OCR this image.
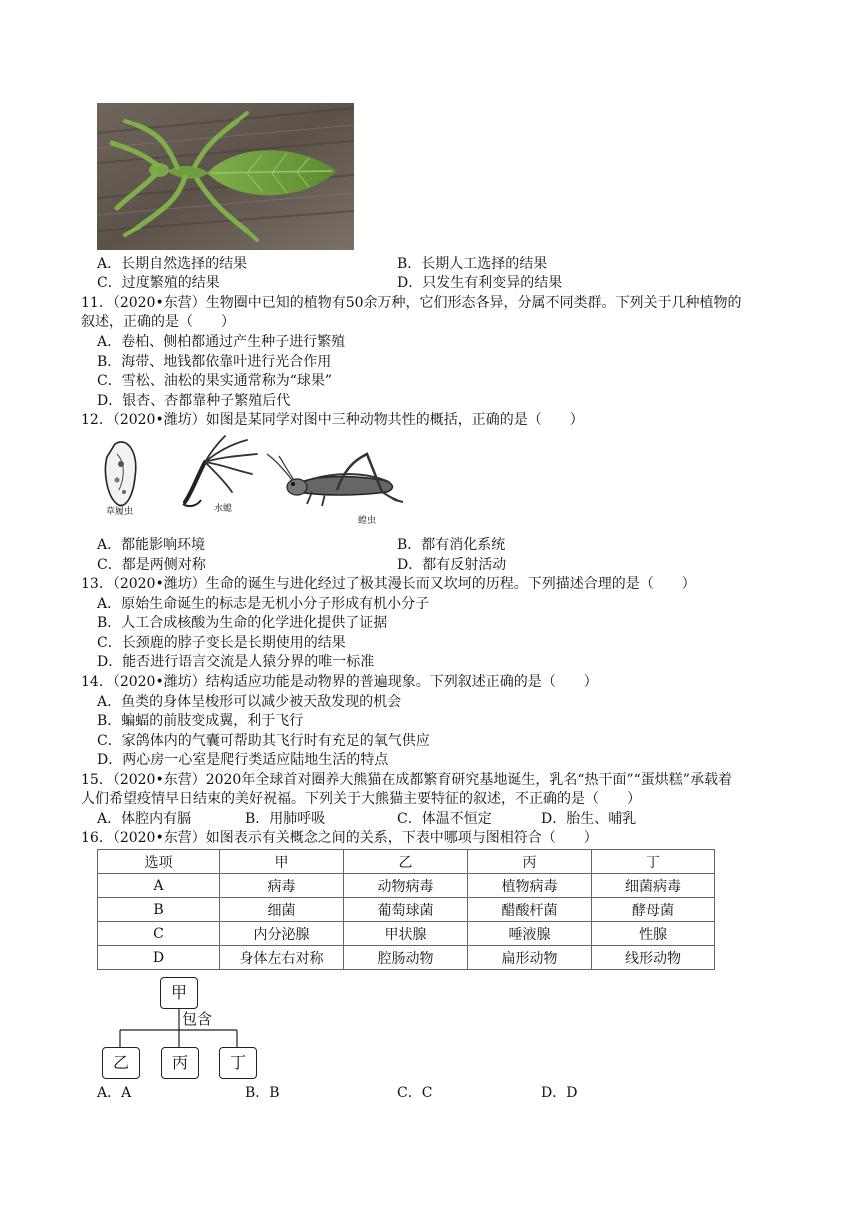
A．长期自然选择的结果	B．长期人工选择的结果
C．过度繁殖的结果	D．只发生有利变异的结果
11．（2020•东营）生物圈中已知的植物有50余万种，它们形态各异，分属不同类群。下列关于几种植物的
叙述，正确的是（　　）
A．卷柏、侧柏都通过产生种子进行繁殖
B．海带、地钱都依靠叶进行光合作用
C．雪松、油松的果实通常称为“球果”
D．银杏、杏都靠种子繁殖后代
12．（2020•潍坊）如图是某同学对图中三种动物共性的概括，正确的是（　　）
草履虫	水螅
蝗虫
A．都能影响环境	B．都有消化系统
C．都是两侧对称	D．都有反射活动
13．（2020•潍坊）生命的诞生与进化经过了极其漫长而又坎坷的历程。下列描述合理的是（　　）
A．原始生命诞生的标志是无机小分子形成有机小分子
B．人工合成核酸为生命的化学进化提供了证据
C．长颈鹿的脖子变长是长期使用的结果
D．能否进行语言交流是人猿分界的唯一标准
14．（2020•潍坊）结构适应功能是动物界的普遍现象。下列叙述正确的是（　　）
A．鱼类的身体呈梭形可以减少被天敌发现的机会
B．蝙蝠的前肢变成翼，利于飞行
C．家鸽体内的气囊可帮助其飞行时有充足的氧气供应
D．两心房一心室是爬行类适应陆地生活的特点
15．（2020•东营）2020年全球首对圈养大熊猫在成都繁育研究基地诞生，乳名“热干面”“蛋烘糕”承载着
人们希望疫情早日结束的美好祝福。下列关于大熊猫主要特征的叙述，不正确的是（　　）
A．体腔内有膈	B．用肺呼吸	C．体温不恒定	D．胎生、哺乳
16．（2020•东营）如图表示有关概念之间的关系，下表中哪项与图相符合（　　）
选项	甲	乙	丙	丁
A	病毒	动物病毒	植物病毒	细菌病毒
B	细菌	葡萄球菌	醋酸杆菌	酵母菌
C	内分泌腺	甲状腺	唾液腺	性腺
D	身体左右对称	腔肠动物	扁形动物	线形动物
甲
包含
乙	丙	丁
A．A	B．B	C．C	D．D
